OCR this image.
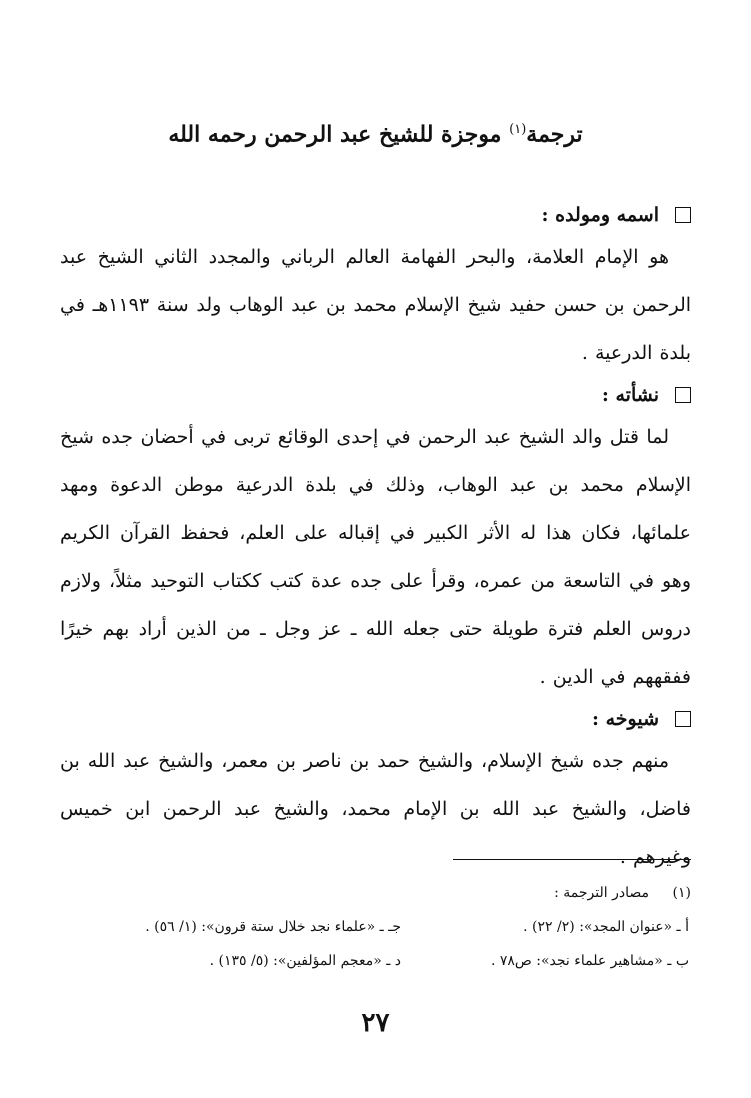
ترجمة$^{(١)}$ موجزة للشيخ عبد الرحمن رحمه الله
اسمه ومولده :
هو الإمام العلامة، والبحر الفهامة العالم الرباني والمجدد الثاني الشيخ عبد الرحمن بن حسن حفيد شيخ الإسلام محمد بن عبد الوهاب ولد سنة ١١٩٣هـ في بلدة الدرعية .
نشأته :
لما قتل والد الشيخ عبد الرحمن في إحدى الوقائع تربى في أحضان جده شيخ الإسلام محمد بن عبد الوهاب، وذلك في بلدة الدرعية موطن الدعوة ومهد علمائها، فكان هذا له الأثر الكبير في إقباله على العلم، فحفظ القرآن الكريم وهو في التاسعة من عمره، وقرأ على جده عدة كتب ككتاب التوحيد مثلاً، ولازم دروس العلم فترة طويلة حتى جعله الله ـ عز وجل ـ من الذين أراد بهم خيرًا ففقههم في الدين .
شيوخه :
منهم جده شيخ الإسلام، والشيخ حمد بن ناصر بن معمر، والشيخ عبد الله بن فاضل، والشيخ عبد الله بن الإمام محمد، والشيخ عبد الرحمن ابن خميس وغيرهم .
(١)
مصادر الترجمة :
أ ـ «عنوان المجد»: (٢/ ٢٢) .
جـ ـ «علماء نجد خلال ستة قرون»: (١/ ٥٦) .
ب ـ «مشاهير علماء نجد»: ص٧٨ .
د ـ «معجم المؤلفين»: (٥/ ١٣٥) .
٢٧
